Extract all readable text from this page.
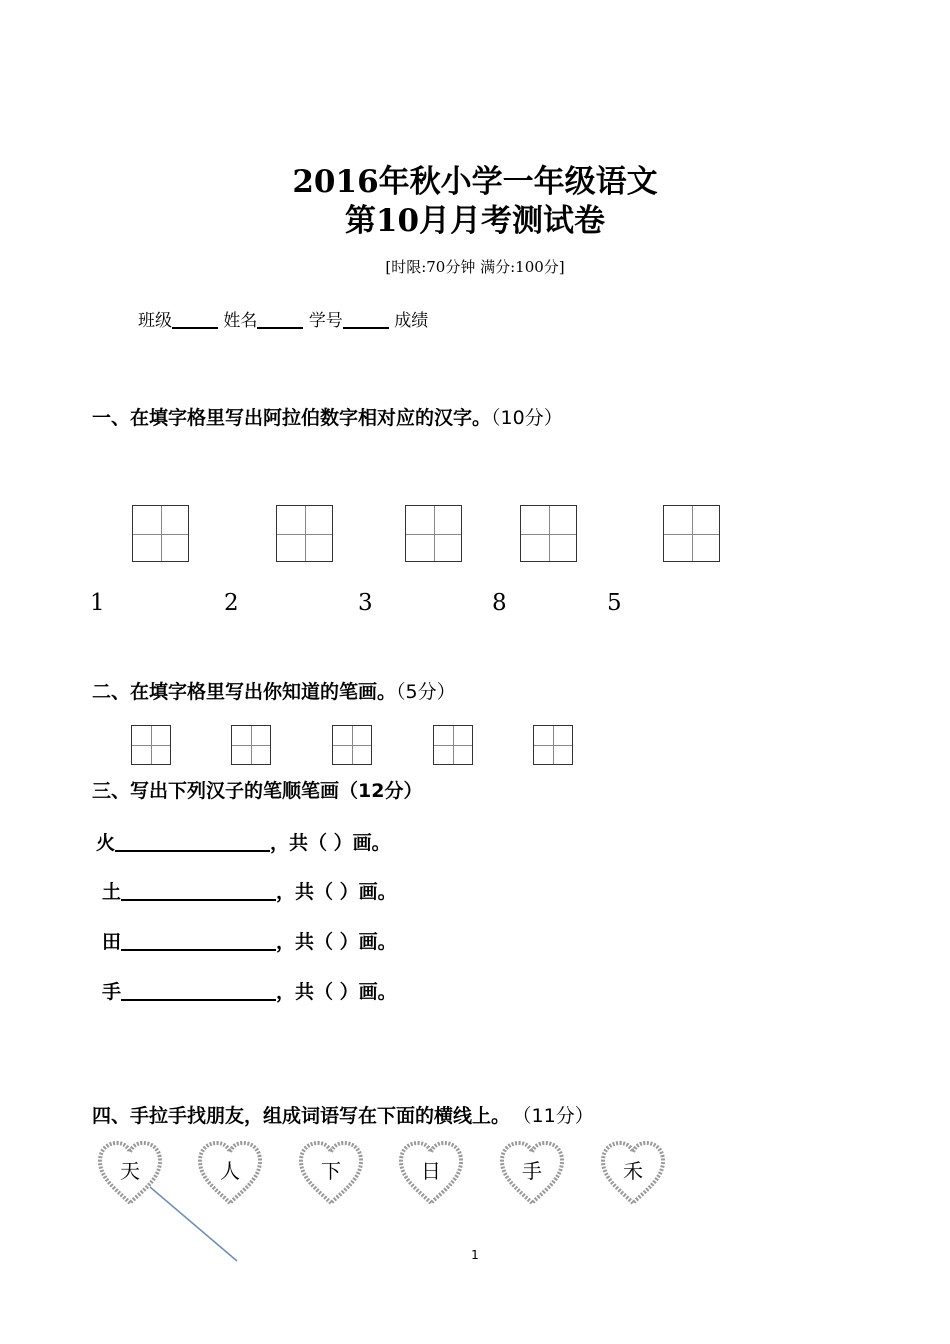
2016年秋小学一年级语文
第10月月考测试卷
[时限:70分钟 满分:100分]
班级	姓名	学号	成绩
一、在填字格里写出阿拉伯数字相对应的汉字。（10分）
1	2	3	8	5
二、在填字格里写出你知道的笔画。（5分）
三、写出下列汉子的笔顺笔画（12分）
火	，共（ ）画。
土	，共（ ）画。
田	，共（ ）画。
手	，共（ ）画。
四、手拉手找朋友，组成词语写在下面的横线上。 （11分）
天	人	下	日	手	禾
1
